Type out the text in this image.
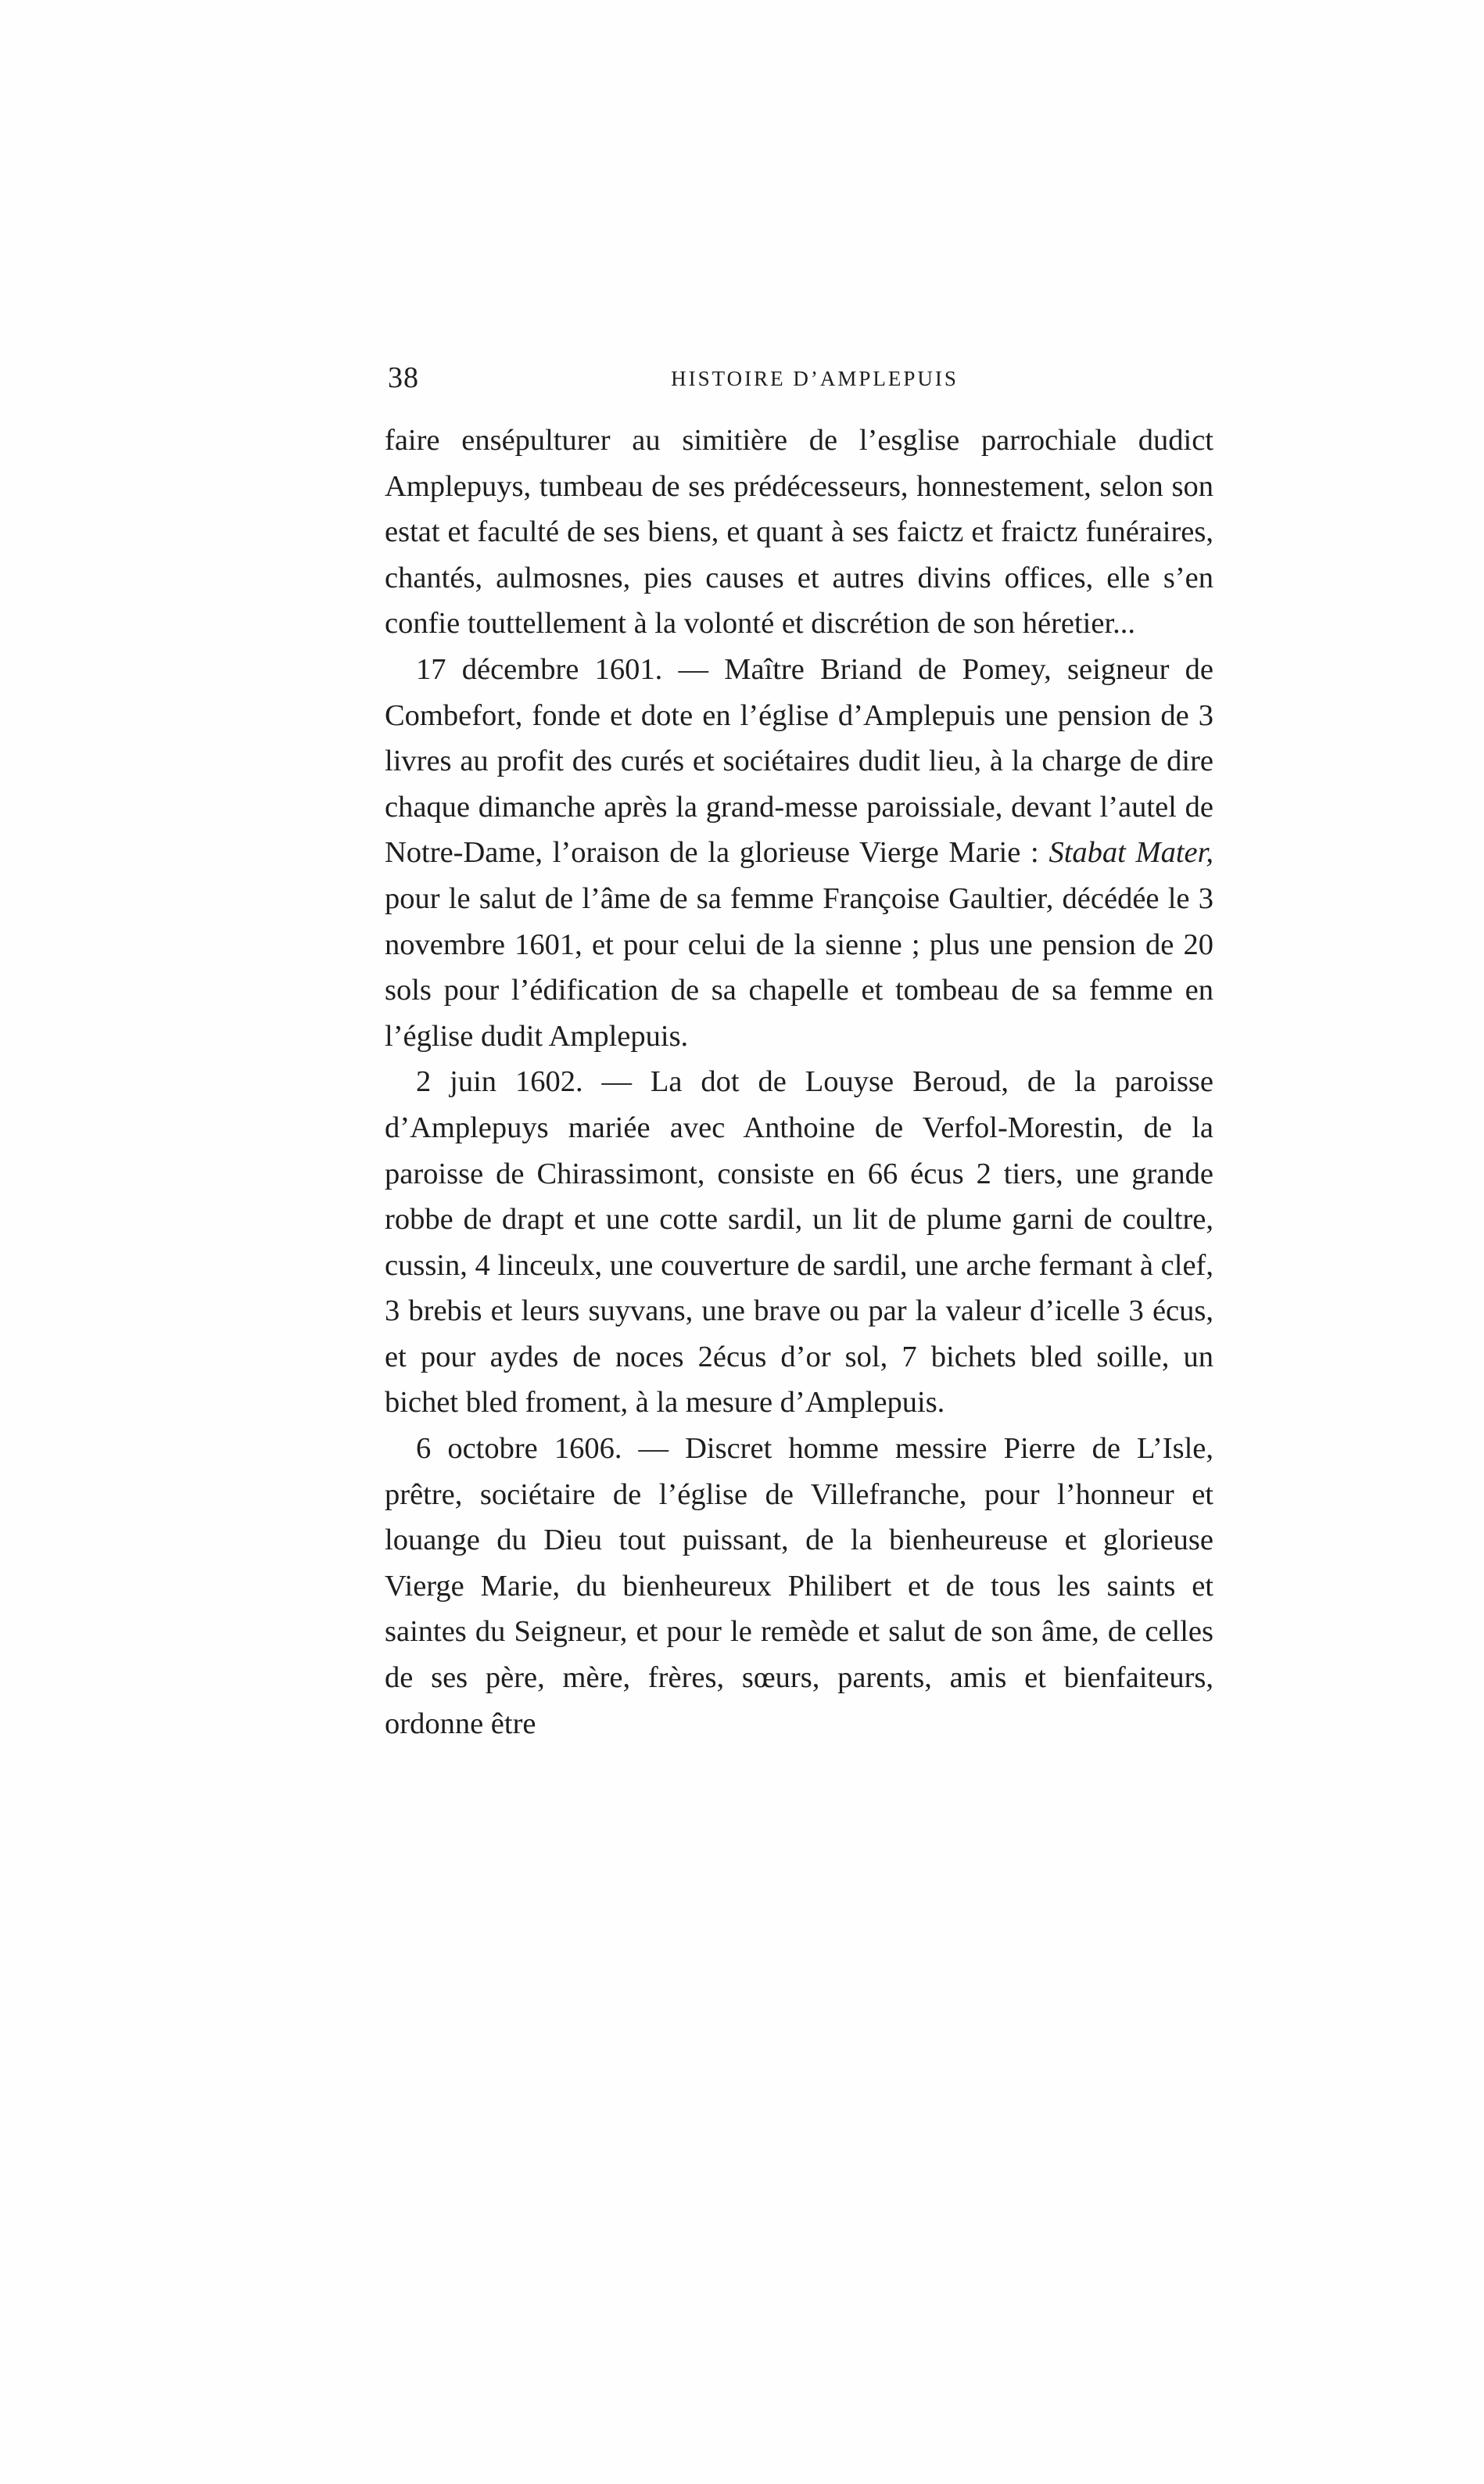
38	HISTOIRE D’AMPLEPUIS

faire ensépulturer au simitière de l’esglise parrochiale dudict Amplepuys, tumbeau de ses prédécesseurs, honnestement, selon son estat et faculté de ses biens, et quant à ses faictz et fraictz funéraires, chantés, aulmosnes, pies causes et autres divins offices, elle s’en confie touttellement à la volonté et discrétion de son héretier...

17 décembre 1601. — Maître Briand de Pomey, seigneur de Combefort, fonde et dote en l’église d’Amplepuis une pension de 3 livres au profit des curés et sociétaires dudit lieu, à la charge de dire chaque dimanche après la grand-messe paroissiale, devant l’autel de Notre-Dame, l’oraison de la glorieuse Vierge Marie : Stabat Mater, pour le salut de l’âme de sa femme Françoise Gaultier, décédée le 3 novembre 1601, et pour celui de la sienne ; plus une pension de 20 sols pour l’édification de sa chapelle et tombeau de sa femme en l’église dudit Amplepuis.

2 juin 1602. — La dot de Louyse Beroud, de la paroisse d’Amplepuys mariée avec Anthoine de Verfol-Morestin, de la paroisse de Chirassimont, consiste en 66 écus 2 tiers, une grande robbe de drapt et une cotte sardil, un lit de plume garni de coultre, cussin, 4 linceulx, une couverture de sardil, une arche fermant à clef, 3 brebis et leurs suyvans, une brave ou par la valeur d’icelle 3 écus, et pour aydes de noces 2écus d’or sol, 7 bichets bled soille, un bichet bled froment, à la mesure d’Amplepuis.

6 octobre 1606. — Discret homme messire Pierre de L’Isle, prêtre, sociétaire de l’église de Villefranche, pour l’honneur et louange du Dieu tout puissant, de la bienheureuse et glorieuse Vierge Marie, du bienheureux Philibert et de tous les saints et saintes du Seigneur, et pour le remède et salut de son âme, de celles de ses père, mère, frères, sœurs, parents, amis et bienfaiteurs, ordonne être
